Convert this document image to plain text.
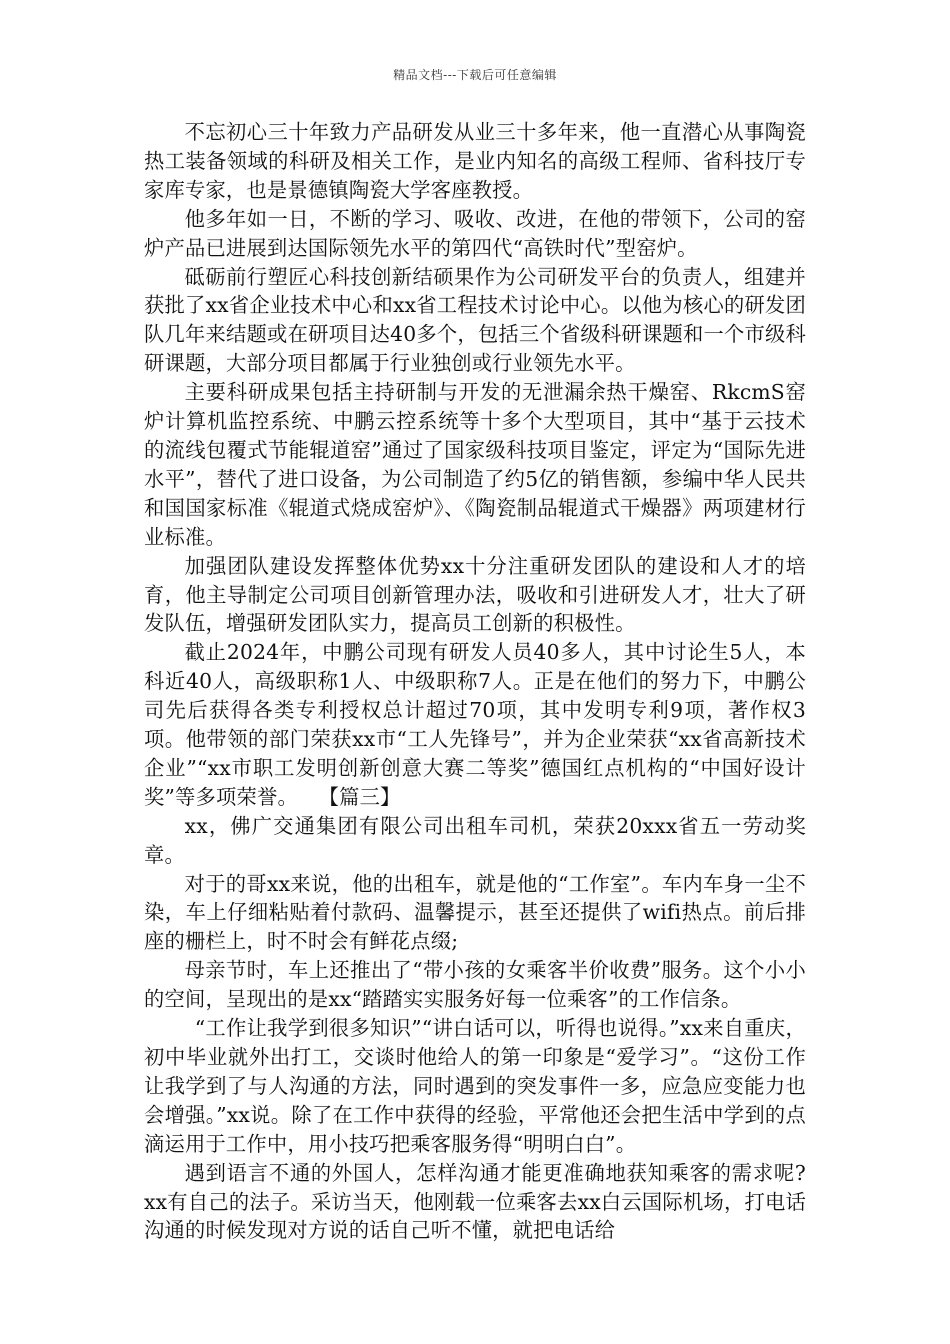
精品文档---下载后可任意编辑

不忘初心三十年致力产品研发从业三十多年来，他一直潜心从事陶瓷热工装备领域的科研及相关工作，是业内知名的高级工程师、省科技厅专家库专家，也是景德镇陶瓷大学客座教授。

他多年如一日，不断的学习、吸收、改进，在他的带领下，公司的窑炉产品已进展到达国际领先水平的第四代“高铁时代”型窑炉。

砥砺前行塑匠心科技创新结硕果作为公司研发平台的负责人，组建并获批了xx省企业技术中心和xx省工程技术讨论中心。以他为核心的研发团队几年来结题或在研项目达40多个，包括三个省级科研课题和一个市级科研课题，大部分项目都属于行业独创或行业领先水平。

主要科研成果包括主持研制与开发的无泄漏余热干燥窑、RkcmS窑炉计算机监控系统、中鹏云控系统等十多个大型项目，其中“基于云技术的流线包覆式节能辊道窑”通过了国家级科技项目鉴定，评定为“国际先进水平”，替代了进口设备，为公司制造了约5亿的销售额，参编中华人民共和国国家标准《辊道式烧成窑炉》、《陶瓷制品辊道式干燥器》两项建材行业标准。

加强团队建设发挥整体优势xx十分注重研发团队的建设和人才的培育，他主导制定公司项目创新管理办法，吸收和引进研发人才，壮大了研发队伍，增强研发团队实力，提高员工创新的积极性。

截止2024年，中鹏公司现有研发人员40多人，其中讨论生5人，本科近40人，高级职称1人、中级职称7人。正是在他们的努力下，中鹏公司先后获得各类专利授权总计超过70项，其中发明专利9项，著作权3项。他带领的部门荣获xx市“工人先锋号”，并为企业荣获“xx省高新技术企业”“xx市职工发明创新创意大赛二等奖”德国红点机构的“中国好设计奖”等多项荣誉。　　【篇三】

xx，佛广交通集团有限公司出租车司机，荣获20xxx省五一劳动奖章。

对于的哥xx来说，他的出租车，就是他的“工作室”。车内车身一尘不染，车上仔细粘贴着付款码、温馨提示，甚至还提供了wifi热点。前后排座的栅栏上，时不时会有鲜花点缀;

母亲节时，车上还推出了“带小孩的女乘客半价收费”服务。这个小小的空间，呈现出的是xx“踏踏实实服务好每一位乘客”的工作信条。

“工作让我学到很多知识”“讲白话可以，听得也说得。”xx来自重庆，初中毕业就外出打工，交谈时他给人的第一印象是“爱学习”。“这份工作让我学到了与人沟通的方法，同时遇到的突发事件一多，应急应变能力也会增强。”xx说。除了在工作中获得的经验，平常他还会把生活中学到的点滴运用于工作中，用小技巧把乘客服务得“明明白白”。

遇到语言不通的外国人，怎样沟通才能更准确地获知乘客的需求呢?xx有自己的法子。采访当天，他刚载一位乘客去xx白云国际机场，打电话沟通的时候发现对方说的话自己听不懂，就把电话给
